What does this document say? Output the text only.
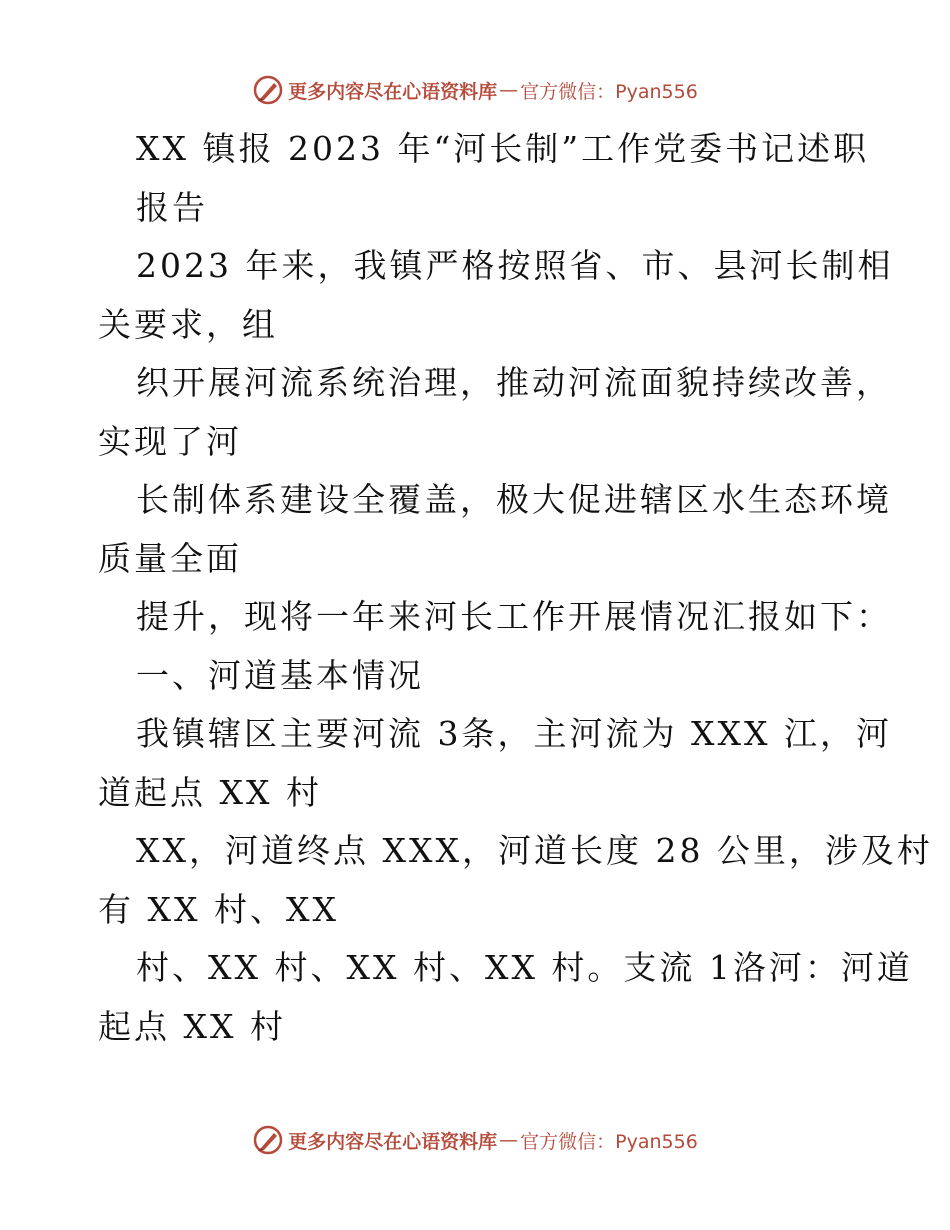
更多内容尽在心语资料库 — 官方微信：Pyan556
XX 镇报 2023 年“河长制”工作党委书记述职
报告
2023 年来，我镇严格按照省、市、县河长制相
关要求，组
织开展河流系统治理，推动河流面貌持续改善，
实现了河
长制体系建设全覆盖，极大促进辖区水生态环境
质量全面
提升，现将一年来河长工作开展情况汇报如下：
一、河道基本情况
我镇辖区主要河流 3条，主河流为 XXX 江，河
道起点 XX 村
XX，河道终点 XXX，河道长度 28 公里，涉及村
有 XX 村、XX
村、XX 村、XX 村、XX 村。支流 1洛河：河道
起点 XX 村
更多内容尽在心语资料库 — 官方微信：Pyan556
